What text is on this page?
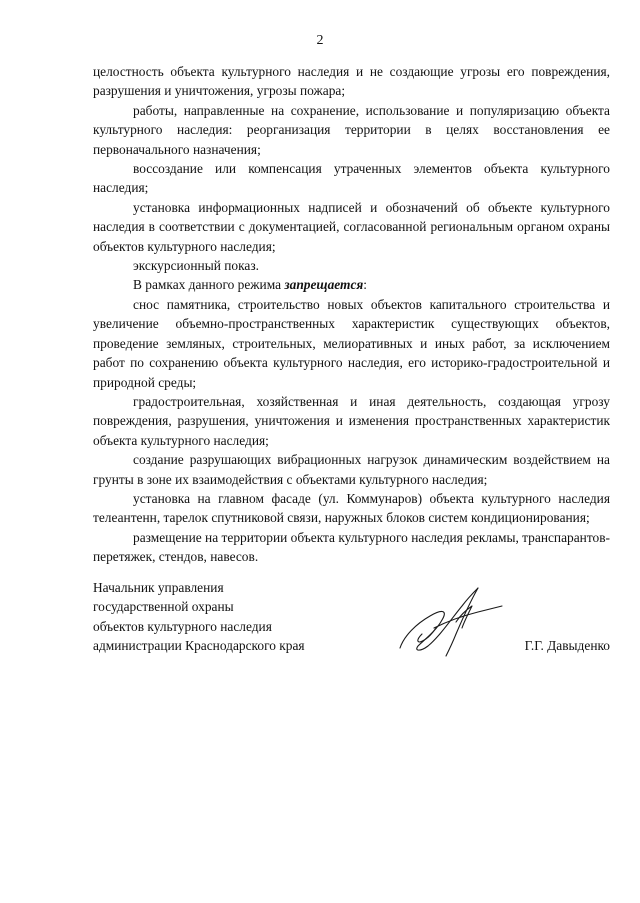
2

целостность объекта культурного наследия и не создающие угрозы его повреждения, разрушения и уничтожения, угрозы пожара;

работы, направленные на сохранение, использование и популяризацию объекта культурного наследия: реорганизация территории в целях восстановления ее первоначального назначения;

воссоздание или компенсация утраченных элементов объекта культурного наследия;

установка информационных надписей и обозначений об объекте культурного наследия в соответствии с документацией, согласованной региональным органом охраны объектов культурного наследия;

экскурсионный показ.

В рамках данного режима запрещается:

снос памятника, строительство новых объектов капитального строительства и увеличение объемно-пространственных характеристик существующих объектов, проведение земляных, строительных, мелиоративных и иных работ, за исключением работ по сохранению объекта культурного наследия, его историко-градостроительной и природной среды;

градостроительная, хозяйственная и иная деятельность, создающая угрозу повреждения, разрушения, уничтожения и изменения пространственных характеристик объекта культурного наследия;

создание разрушающих вибрационных нагрузок динамическим воздействием на грунты в зоне их взаимодействия с объектами культурного наследия;

установка на главном фасаде (ул. Коммунаров) объекта культурного наследия телеантенн, тарелок спутниковой связи, наружных блоков систем кондиционирования;

размещение на территории объекта культурного наследия рекламы, транспарантов-перетяжек, стендов, навесов.

Начальник управления
государственной охраны
объектов культурного наследия
администрации Краснодарского края	Г.Г. Давыденко
